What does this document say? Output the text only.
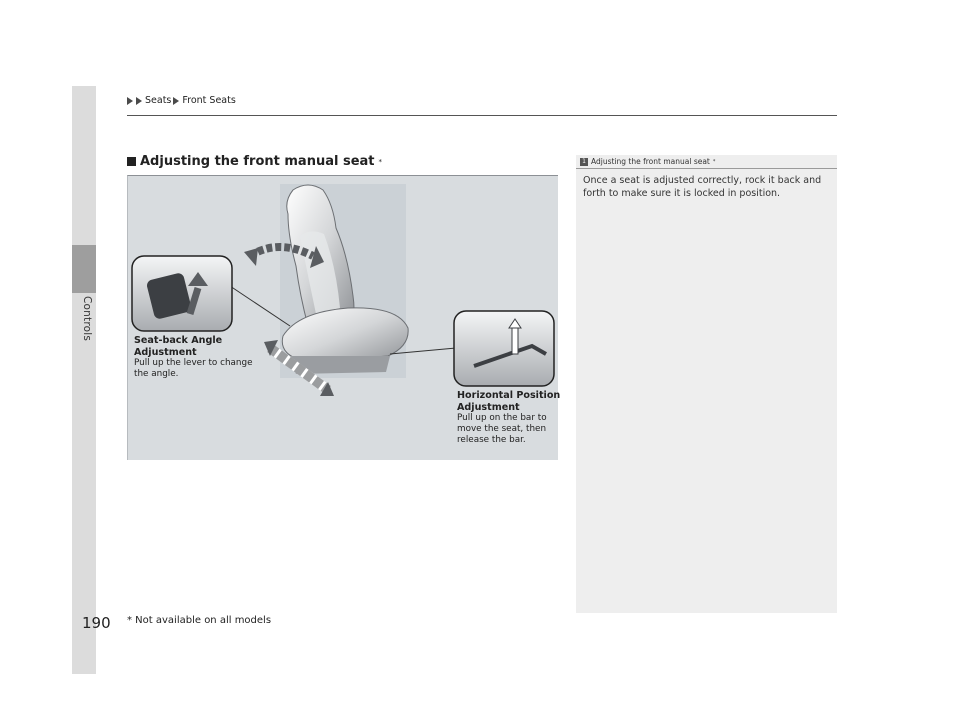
Controls
Seats Front Seats
Adjusting the front manual seat *
Seat-back Angle Adjustment
Pull up the lever to change the angle.
Horizontal Position Adjustment
Pull up on the bar to move the seat, then release the bar.
1 Adjusting the front manual seat *
Once a seat is adjusted correctly, rock it back and forth to make sure it is locked in position.
190 * Not available on all models
